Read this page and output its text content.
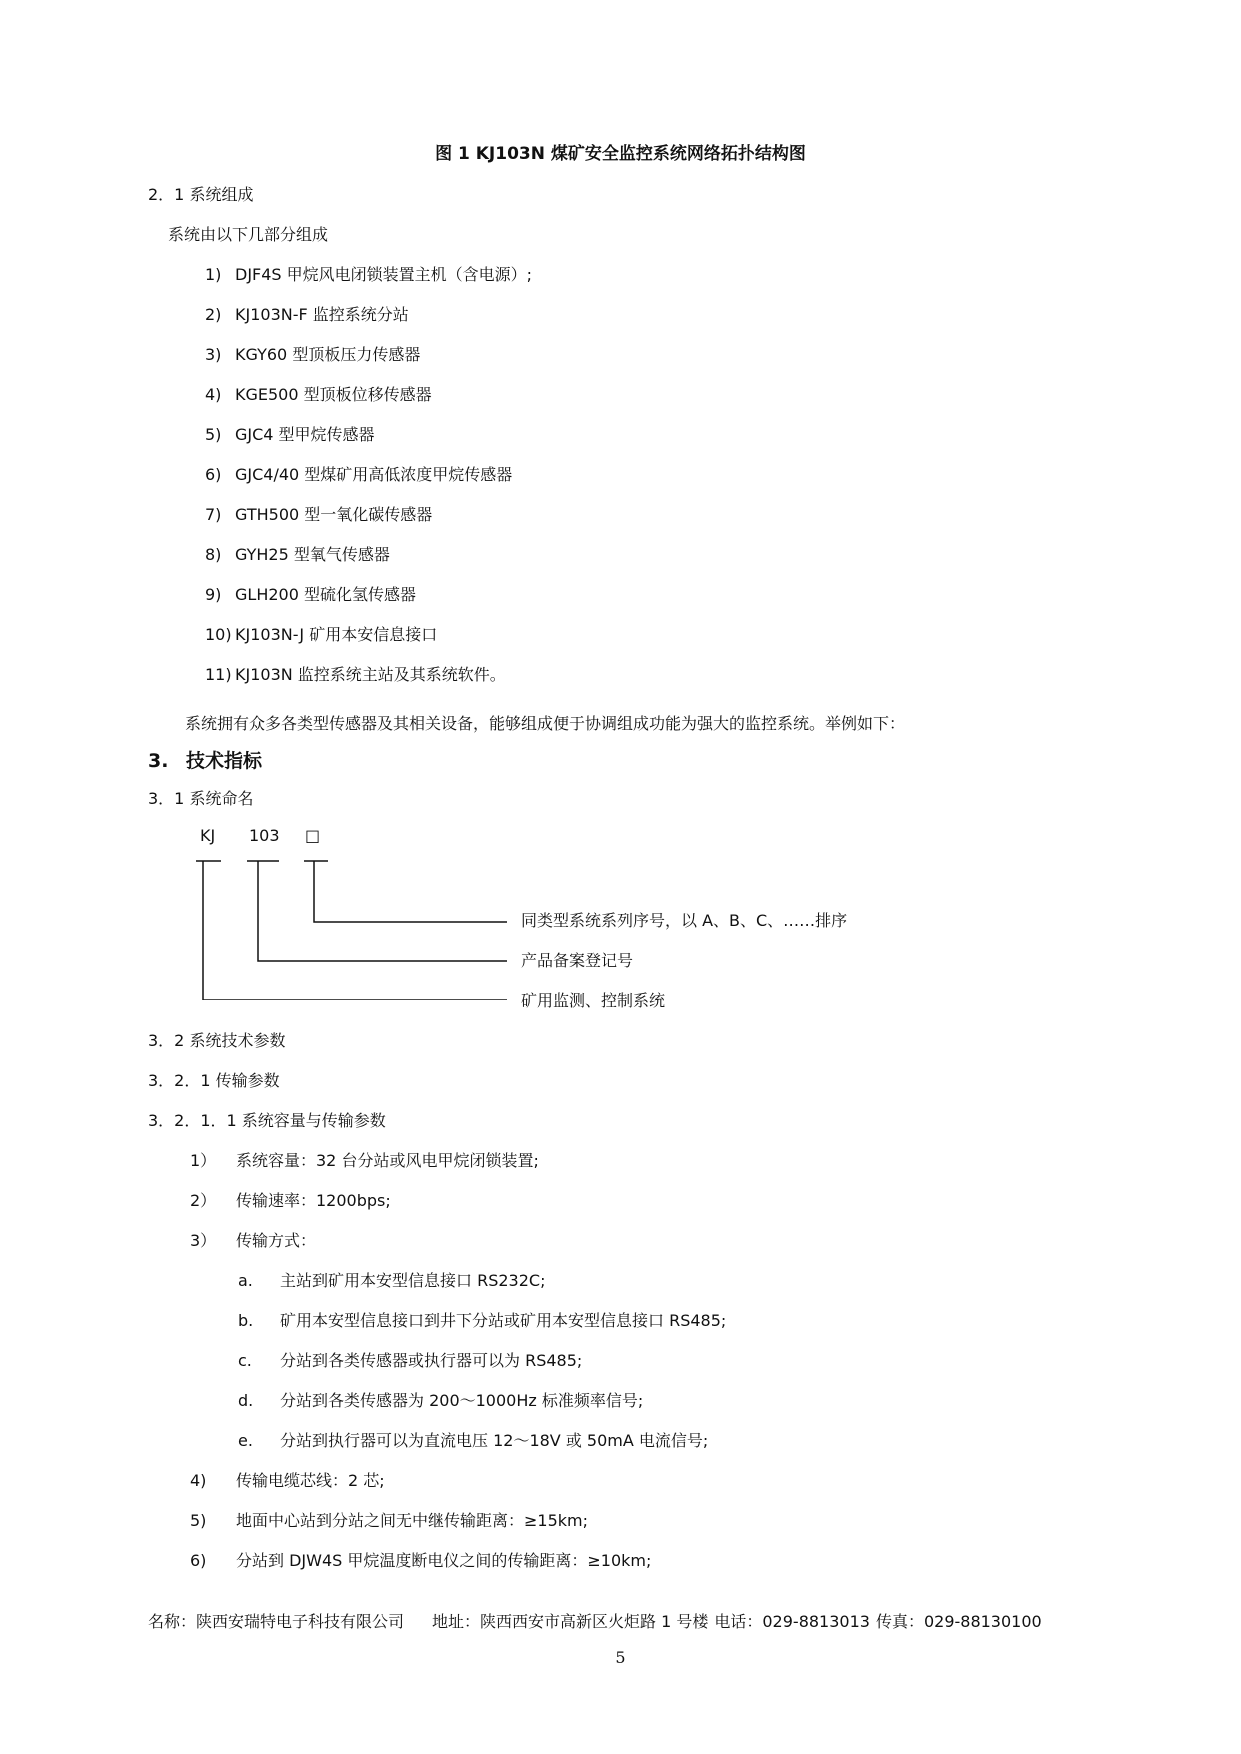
图 1 KJ103N 煤矿安全监控系统网络拓扑结构图
2．1 系统组成
系统由以下几部分组成
1) DJF4S 甲烷风电闭锁装置主机（含电源）;
2) KJ103N-F 监控系统分站
3) KGY60 型顶板压力传感器
4) KGE500 型顶板位移传感器
5) GJC4 型甲烷传感器
6) GJC4/40 型煤矿用高低浓度甲烷传感器
7) GTH500 型一氧化碳传感器
8) GYH25 型氧气传感器
9) GLH200 型硫化氢传感器
10) KJ103N-J 矿用本安信息接口
11) KJ103N 监控系统主站及其系统软件。
系统拥有众多各类型传感器及其相关设备，能够组成便于协调组成功能为强大的监控系统。举例如下：
3. 技术指标
3．1 系统命名
KJ 103 □
同类型系统系列序号，以 A、B、C、……排序
产品备案登记号
矿用监测、控制系统
3．2 系统技术参数
3．2．1 传输参数
3．2．1．1 系统容量与传输参数
1） 系统容量：32 台分站或风电甲烷闭锁装置;
2） 传输速率：1200bps;
3） 传输方式：
a. 主站到矿用本安型信息接口 RS232C;
b. 矿用本安型信息接口到井下分站或矿用本安型信息接口 RS485;
c. 分站到各类传感器或执行器可以为 RS485;
d. 分站到各类传感器为 200～1000Hz 标准频率信号;
e. 分站到执行器可以为直流电压 12～18V 或 50mA 电流信号;
4) 传输电缆芯线：2 芯;
5) 地面中心站到分站之间无中继传输距离：≥15km;
6) 分站到 DJW4S 甲烷温度断电仪之间的传输距离：≥10km;
名称：陕西安瑞特电子科技有限公司 地址：陕西西安市高新区火炬路 1 号楼 电话：029-8813013 传真：029-88130100
5
